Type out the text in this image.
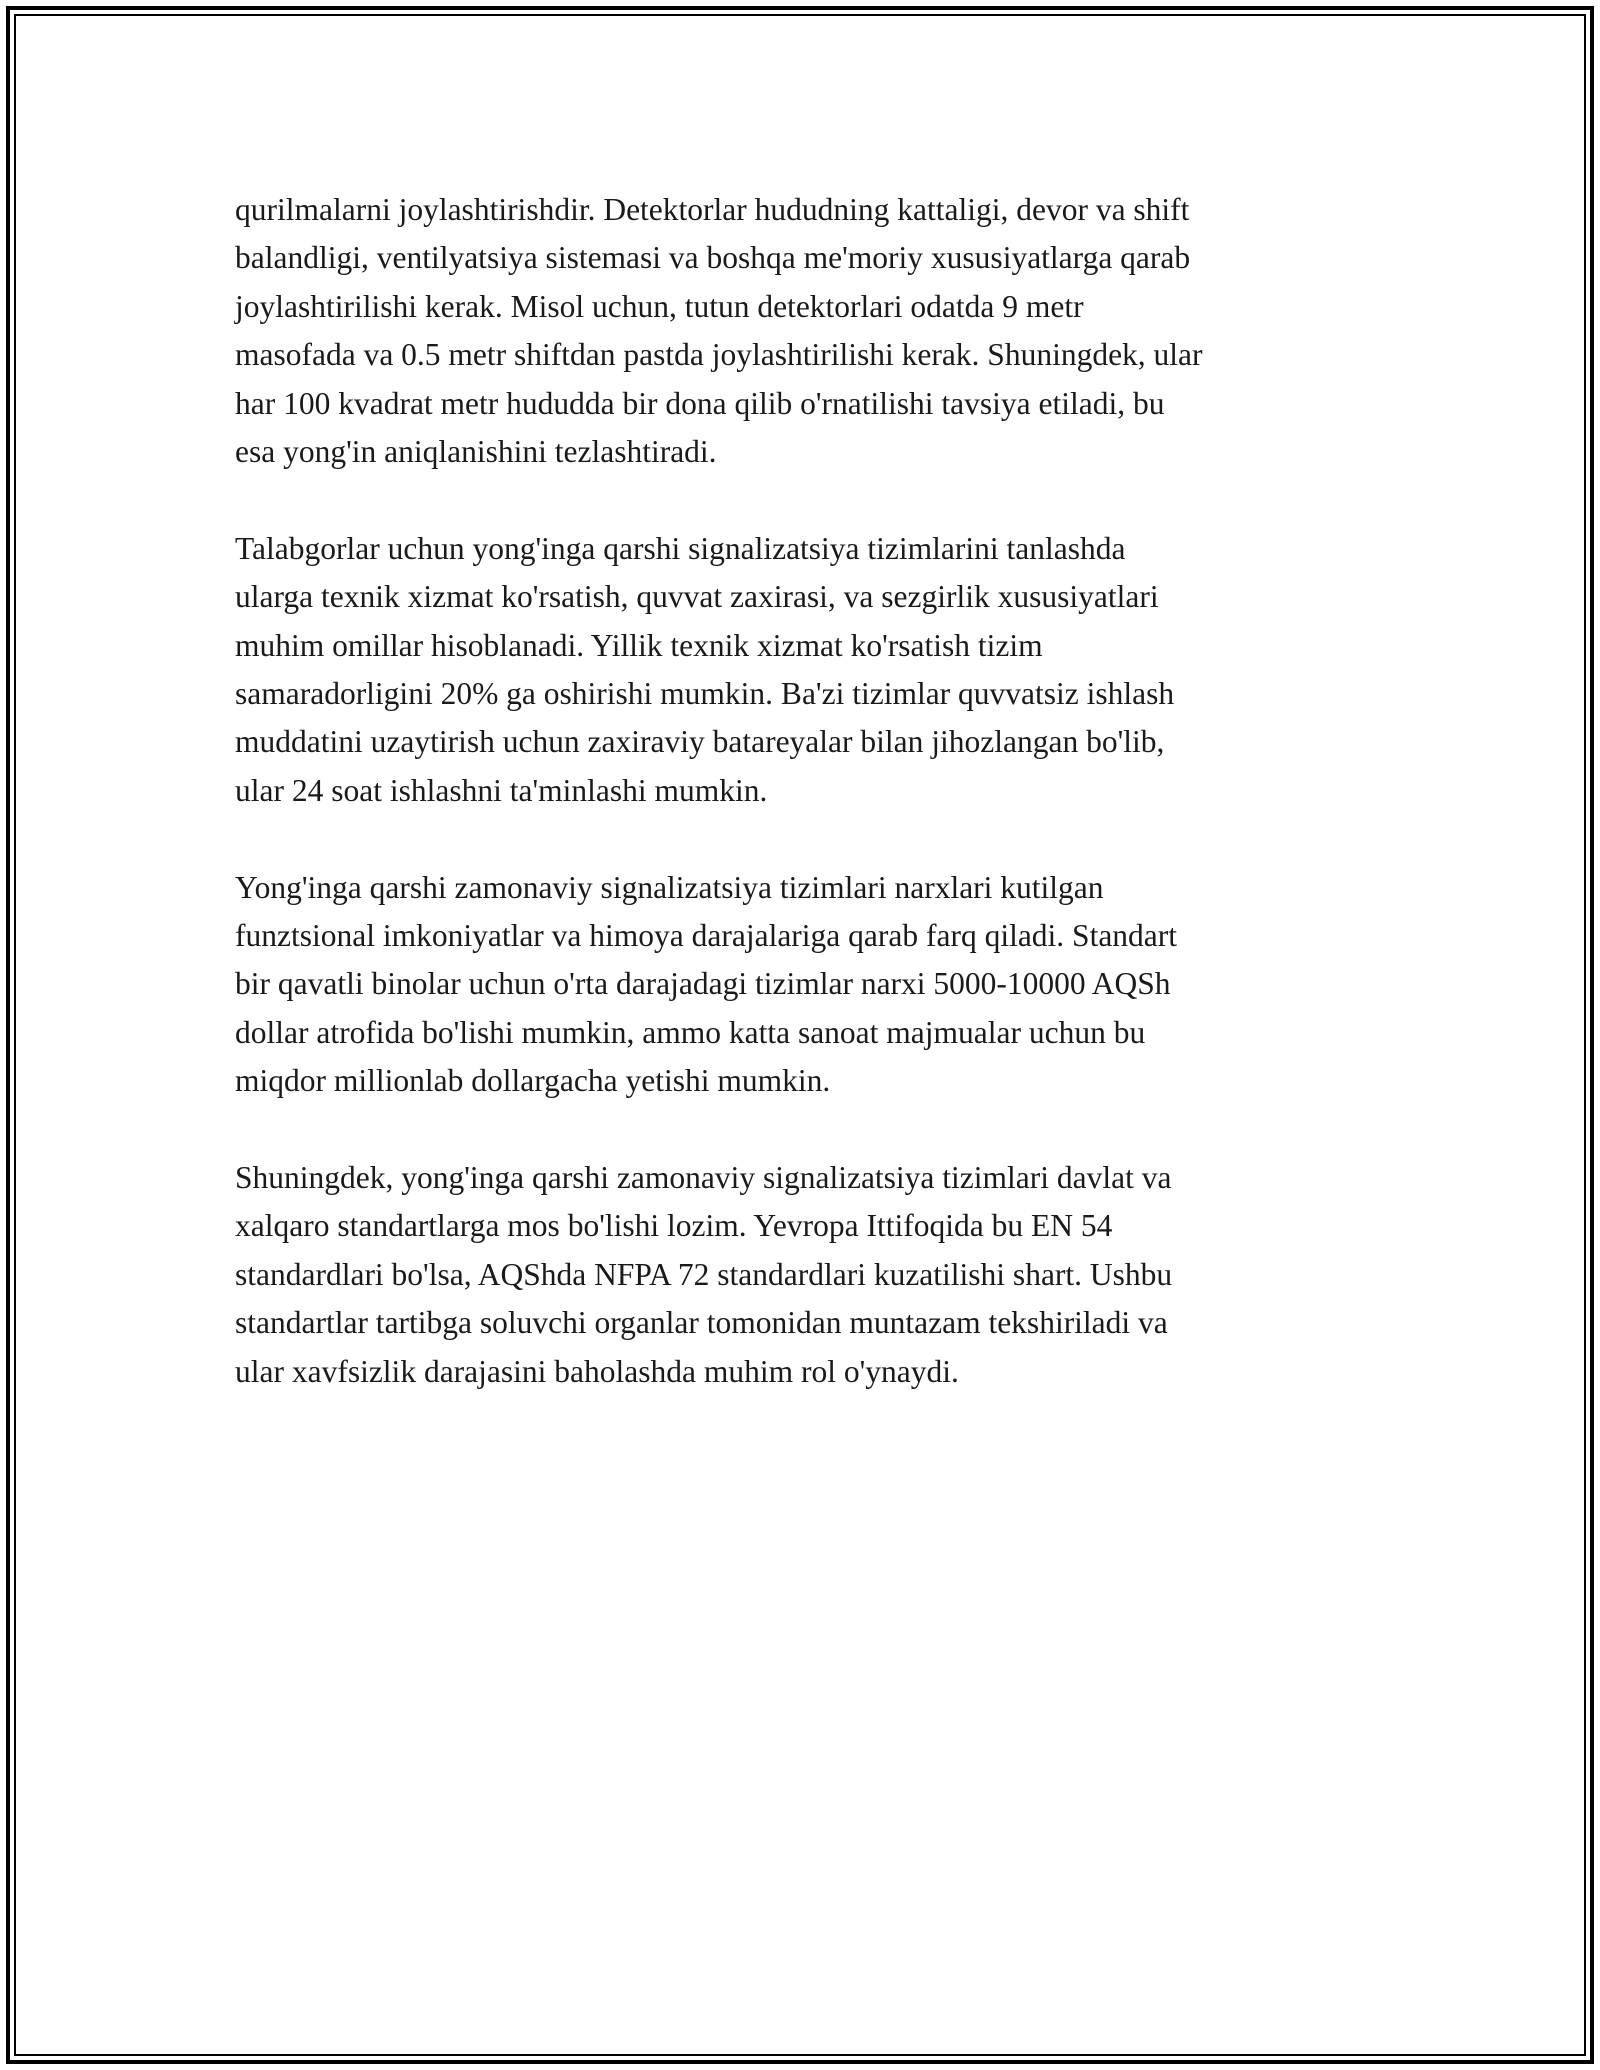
qurilmalarni joylashtirishdir. Detektorlar hududning kattaligi, devor va shift
balandligi, ventilyatsiya sistemasi va boshqa me'moriy xususiyatlarga qarab
joylashtirilishi kerak. Misol uchun, tutun detektorlari odatda 9 metr
masofada va 0.5 metr shiftdan pastda joylashtirilishi kerak. Shuningdek, ular
har 100 kvadrat metr hududda bir dona qilib o'rnatilishi tavsiya etiladi, bu
esa yong'in aniqlanishini tezlashtiradi.

Talabgorlar uchun yong'inga qarshi signalizatsiya tizimlarini tanlashda
ularga texnik xizmat ko'rsatish, quvvat zaxirasi, va sezgirlik xususiyatlari
muhim omillar hisoblanadi. Yillik texnik xizmat ko'rsatish tizim
samaradorligini 20% ga oshirishi mumkin. Ba'zi tizimlar quvvatsiz ishlash
muddatini uzaytirish uchun zaxiraviy batareyalar bilan jihozlangan bo'lib,
ular 24 soat ishlashni ta'minlashi mumkin.

Yong'inga qarshi zamonaviy signalizatsiya tizimlari narxlari kutilgan
funztsional imkoniyatlar va himoya darajalariga qarab farq qiladi. Standart
bir qavatli binolar uchun o'rta darajadagi tizimlar narxi 5000-10000 AQSh
dollar atrofida bo'lishi mumkin, ammo katta sanoat majmualar uchun bu
miqdor millionlab dollargacha yetishi mumkin.

Shuningdek, yong'inga qarshi zamonaviy signalizatsiya tizimlari davlat va
xalqaro standartlarga mos bo'lishi lozim. Yevropa Ittifoqida bu EN 54
standardlari bo'lsa, AQShda NFPA 72 standardlari kuzatilishi shart. Ushbu
standartlar tartibga soluvchi organlar tomonidan muntazam tekshiriladi va
ular xavfsizlik darajasini baholashda muhim rol o'ynaydi.
